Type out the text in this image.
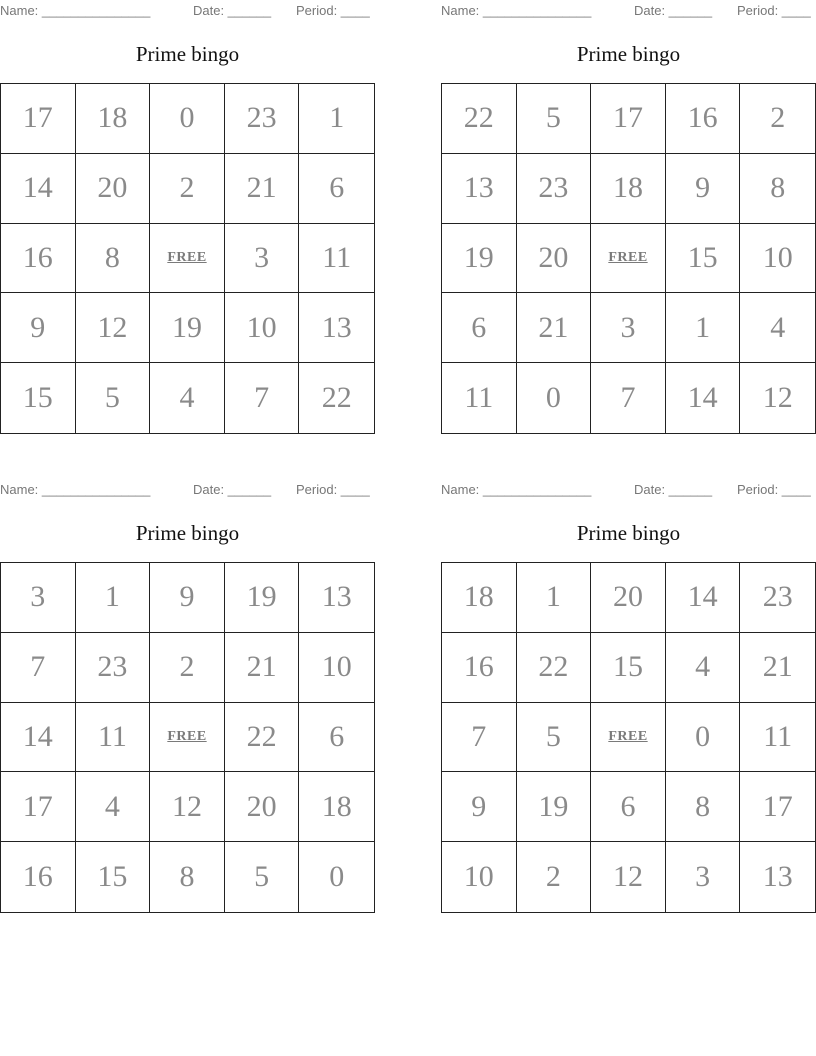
Name: _______________	Date: ______ Period: ____
Prime bingo
17	18	0	23	1
14	20	2	21	6
16	8	FREE	3	11
9	12	19	10	13
15	5	4	7	22
Name: _______________	Date: ______ Period: ____
Prime bingo
22	5	17	16	2
13	23	18	9	8
19	20	FREE	15	10
6	21	3	1	4
11	0	7	14	12
Name: _______________	Date: ______ Period: ____
Prime bingo
3	1	9	19	13
7	23	2	21	10
14	11	FREE	22	6
17	4	12	20	18
16	15	8	5	0
Name: _______________	Date: ______ Period: ____
Prime bingo
18	1	20	14	23
16	22	15	4	21
7	5	FREE	0	11
9	19	6	8	17
10	2	12	3	13
